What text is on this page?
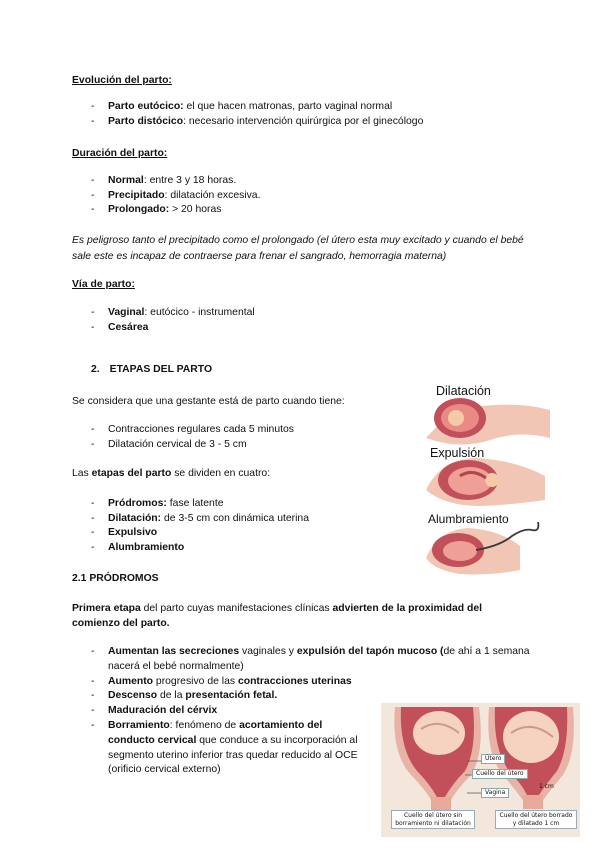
Evolución del parto:
- Parto eutócico: el que hacen matronas, parto vaginal normal
- Parto distócico: necesario intervención quirúrgica por el ginecólogo
Duración del parto:
- Normal: entre 3 y 18 horas.
- Precipitado: dilatación excesiva.
- Prolongado: > 20 horas
Es peligroso tanto el precipitado como el prolongado (el útero esta muy excitado y cuando el bebé sale este es incapaz de contraerse para frenar el sangrado, hemorragia materna)
Vía de parto:
- Vaginal: eutócico - instrumental
- Cesárea
2. ETAPAS DEL PARTO
Se considera que una gestante está de parto cuando tiene:
- Contracciones regulares cada 5 minutos
- Dilatación cervical de 3 - 5 cm
Las etapas del parto se dividen en cuatro:
- Pródromos: fase latente
- Dilatación: de 3-5 cm con dinámica uterina
- Expulsivo
- Alumbramiento
Dilatación
Expulsión
Alumbramiento
2.1 PRÓDROMOS
Primera etapa del parto cuyas manifestaciones clínicas advierten de la proximidad del comienzo del parto.
- Aumentan las secreciones vaginales y expulsión del tapón mucoso (de ahí a 1 semana nacerá el bebé normalmente)
- Aumento progresivo de las contracciones uterinas
- Descenso de la presentación fetal.
- Maduración del cérvix
- Borramiento: fenómeno de acortamiento del conducto cervical que conduce a su incorporación al segmento uterino inferior tras quedar reducido al OCE (orificio cervical externo)
Útero
Cuello del útero
Vagina
1 cm
Cuello del útero sin borramiento ni dilatación
Cuello del útero borrado y dilatado 1 cm
